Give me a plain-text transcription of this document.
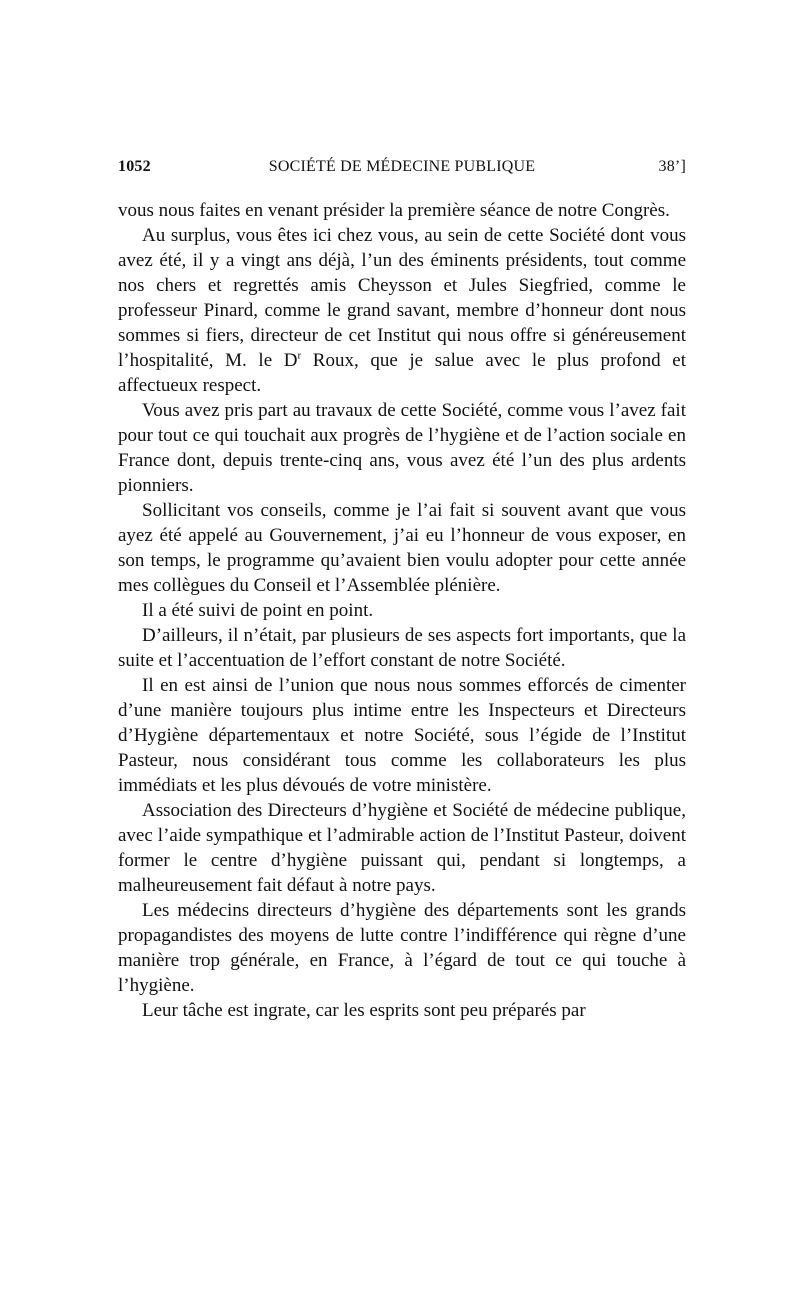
1052	SOCIÉTÉ DE MÉDECINE PUBLIQUE	38’]

vous nous faites en venant présider la première séance de notre Congrès.

Au surplus, vous êtes ici chez vous, au sein de cette Société dont vous avez été, il y a vingt ans déjà, l’un des éminents présidents, tout comme nos chers et regrettés amis Cheysson et Jules Siegfried, comme le professeur Pinard, comme le grand savant, membre d’honneur dont nous sommes si fiers, directeur de cet Institut qui nous offre si généreusement l’hospitalité, M. le $D^r$ Roux, que je salue avec le plus profond et affectueux respect.

Vous avez pris part au travaux de cette Société, comme vous l’avez fait pour tout ce qui touchait aux progrès de l’hygiène et de l’action sociale en France dont, depuis trente-cinq ans, vous avez été l’un des plus ardents pionniers.

Sollicitant vos conseils, comme je l’ai fait si souvent avant que vous ayez été appelé au Gouvernement, j’ai eu l’honneur de vous exposer, en son temps, le programme qu’avaient bien voulu adopter pour cette année mes collègues du Conseil et l’Assemblée plénière.

Il a été suivi de point en point.

D’ailleurs, il n’était, par plusieurs de ses aspects fort importants, que la suite et l’accentuation de l’effort constant de notre Société.

Il en est ainsi de l’union que nous nous sommes efforcés de cimenter d’une manière toujours plus intime entre les Inspecteurs et Directeurs d’Hygiène départementaux et notre Société, sous l’égide de l’Institut Pasteur, nous considérant tous comme les collaborateurs les plus immédiats et les plus dévoués de votre ministère.

Association des Directeurs d’hygiène et Société de médecine publique, avec l’aide sympathique et l’admirable action de l’Institut Pasteur, doivent former le centre d’hygiène puissant qui, pendant si longtemps, a malheureusement fait défaut à notre pays.

Les médecins directeurs d’hygiène des départements sont les grands propagandistes des moyens de lutte contre l’indifférence qui règne d’une manière trop générale, en France, à l’égard de tout ce qui touche à l’hygiène.

Leur tâche est ingrate, car les esprits sont peu préparés par
